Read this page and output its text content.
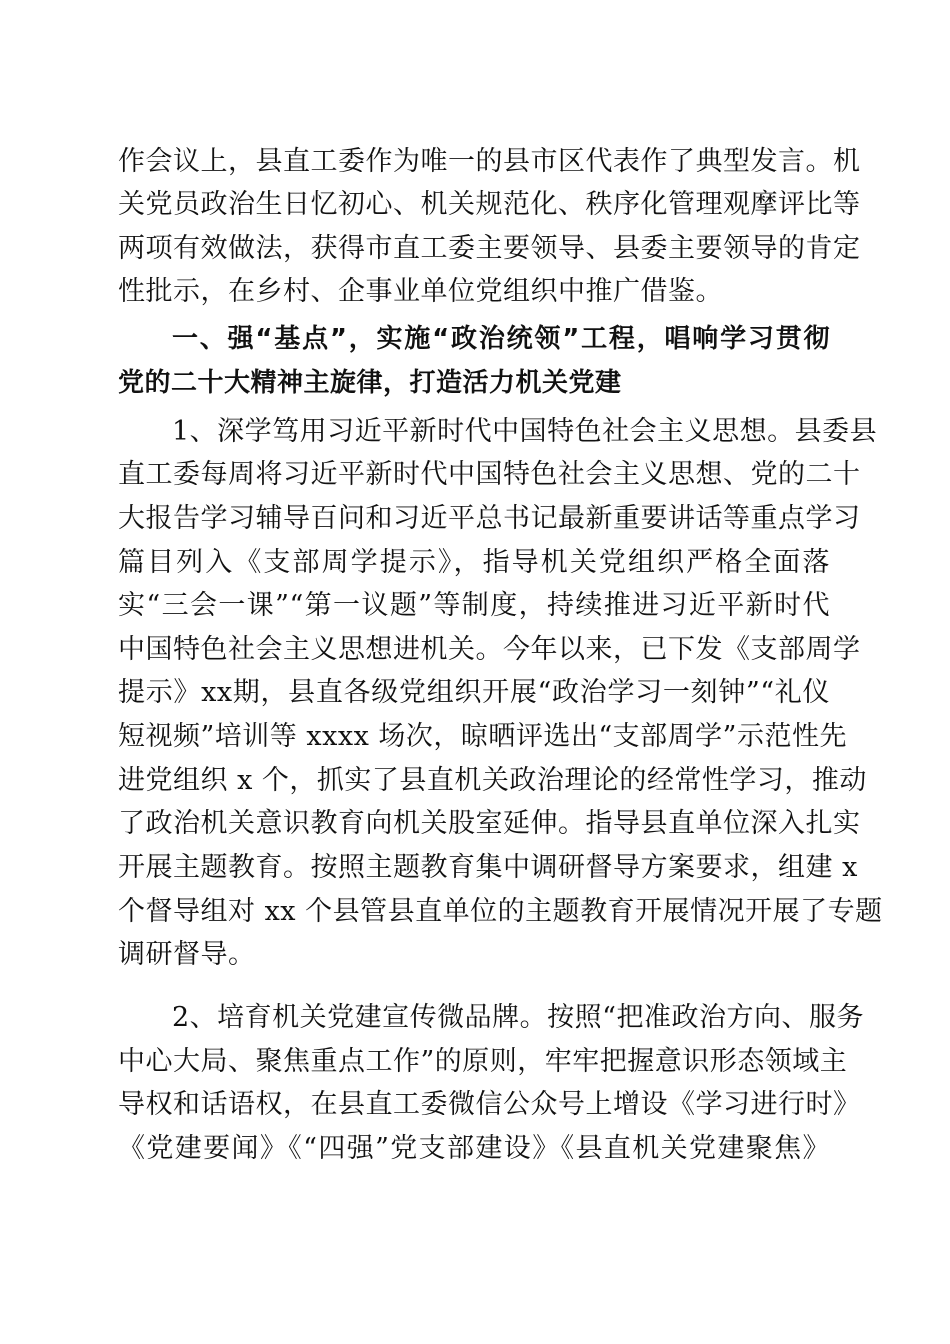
作会议上，县直工委作为唯一的县市区代表作了典型发言。机
关党员政治生日忆初心、机关规范化、秩序化管理观摩评比等
两项有效做法，获得市直工委主要领导、县委主要领导的肯定
性批示，在乡村、企事业单位党组织中推广借鉴。
一、强“基点”，实施“政治统领”工程，唱响学习贯彻
党的二十大精神主旋律，打造活力机关党建
1、深学笃用习近平新时代中国特色社会主义思想。县委县
直工委每周将习近平新时代中国特色社会主义思想、党的二十
大报告学习辅导百问和习近平总书记最新重要讲话等重点学习
篇目列入《支部周学提示》，指导机关党组织严格全面落
实“三会一课”“第一议题”等制度，持续推进习近平新时代
中国特色社会主义思想进机关。今年以来，已下发《支部周学
提示》xx期，县直各级党组织开展“政治学习一刻钟”“礼仪
短视频”培训等 xxxx 场次，晾晒评选出“支部周学”示范性先
进党组织 x 个，抓实了县直机关政治理论的经常性学习，推动
了政治机关意识教育向机关股室延伸。指导县直单位深入扎实
开展主题教育。按照主题教育集中调研督导方案要求，组建 x
个督导组对 xx 个县管县直单位的主题教育开展情况开展了专题
调研督导。
2、培育机关党建宣传微品牌。按照“把准政治方向、服务
中心大局、聚焦重点工作”的原则，牢牢把握意识形态领域主
导权和话语权，在县直工委微信公众号上增设《学习进行时》
《党建要闻》《“四强”党支部建设》《县直机关党建聚焦》
